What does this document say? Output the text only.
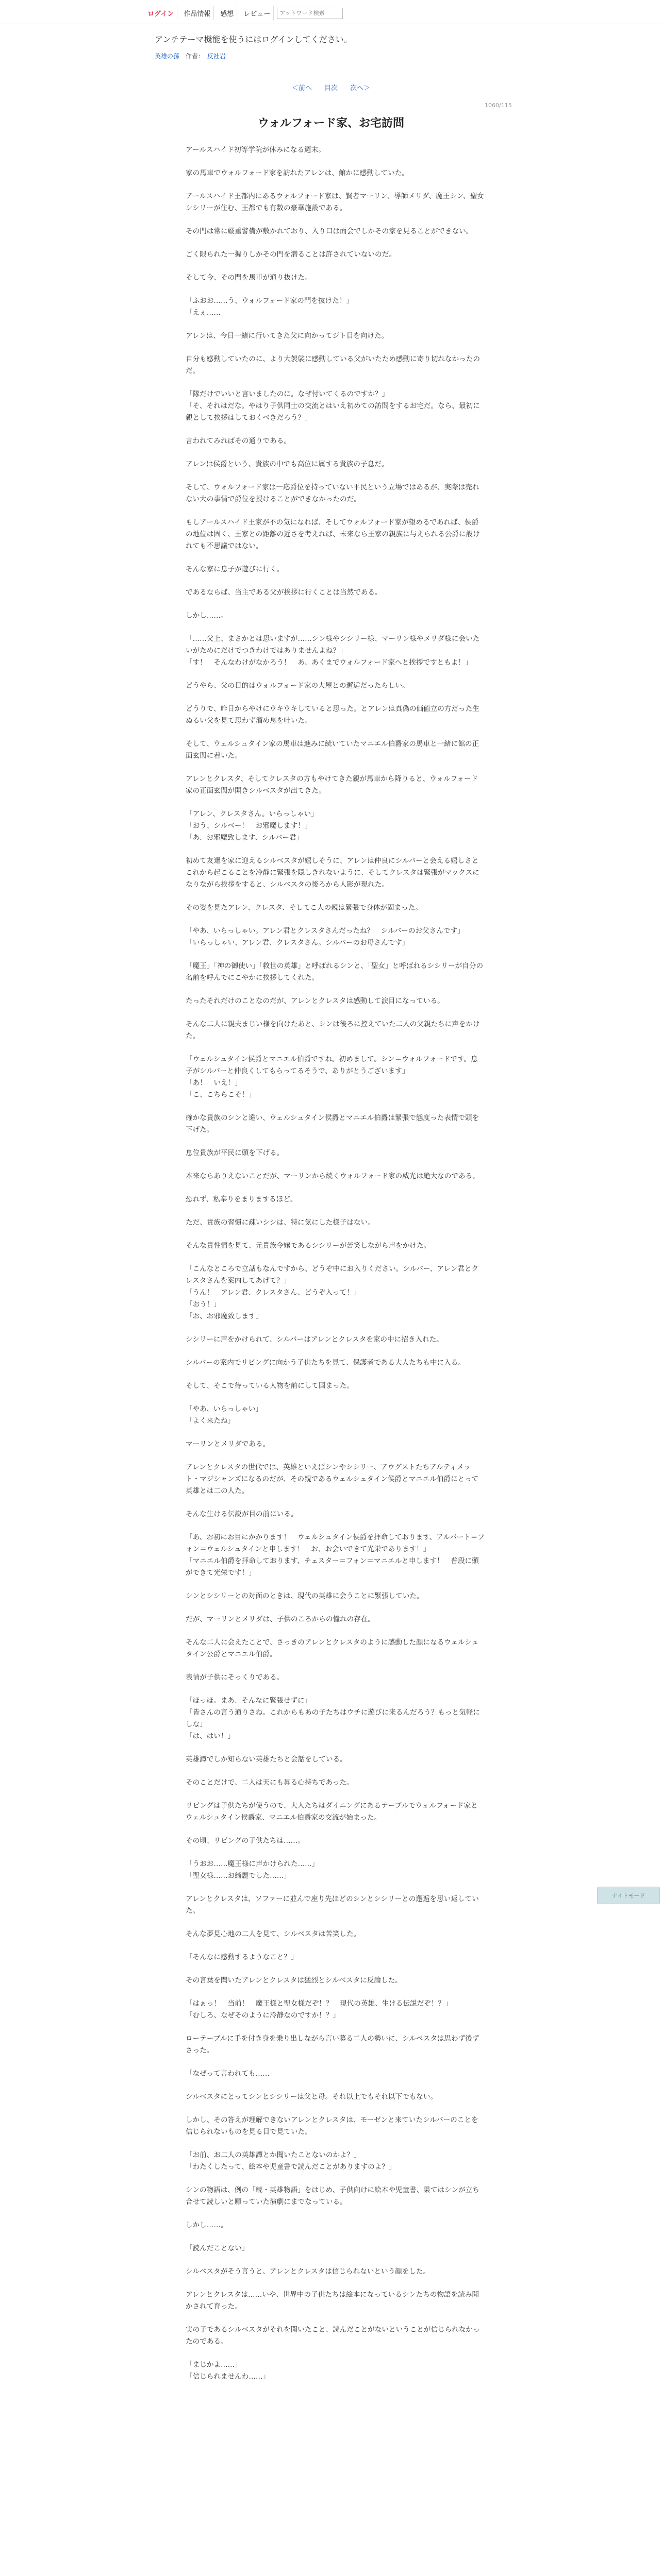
ログイン	作品情報	感想	レビュー
アットワード検索
アンチテーマ機能を使うにはログインしてください。
英雄の孫 作者： 反社岩
＜前へ 目次 次へ＞
1060/115
ウォルフォード家、お宅訪問

アールスハイド初等学院が休みになる週末。

家の馬車でウォルフォード家を訪れたアレンは、館かに感動していた。

アールスハイド王都内にあるウォルフォード家は、賢者マーリン、導師メリダ、魔王シン、聖女シシリーが住む、王都でも有数の豪華施設である。

その門は常に厳重警備が敷かれており、入り口は面会でしかその家を見ることができない。

ごく限られた一握りしかその門を潜ることは許されていないのだ。

そして今、その門を馬車が通り抜けた。

「ふおお……う、ウォルフォード家の門を抜けた！」
「えぇ……」

アレンは、今日一緒に行いてきた父に向かってジト目を向けた。

自分も感動していたのに、より大袈裟に感動している父がいたため感動に寄り切れなかったのだ。

「隊だけでいいと言いましたのに。なぜ付いてくるのですか？」
「そ、それはだな。やはり子供同士の交流とはいえ初めての訪問をするお宅だ。なら、最初に親として挨拶はしておくべきだろう？」

言われてみればその通りである。

アレンは侯爵という、貴族の中でも高位に属する貴族の子息だ。

そして、ウォルフォード家は一応爵位を持っていない平民という立場ではあるが、実際は売れない大の事情で爵位を授けることができなかったのだ。

もしアールスハイド王家が不の気になれば、そしてウォルフォード家が望めるであれば、侯爵の地位は固く、王家との距離の近さを考えれば、未来なら王家の親族に与えられる公爵に設けれても不思議ではない。

そんな家に息子が遊びに行く。

であるならば、当主である父が挨拶に行くことは当然である。

しかし……。

「……父上、まさかとは思いますが……シン様やシシリー様、マーリン様やメリダ様に会いたいがためにだけでつきわけではありませんよね？」
「す！　そんなわけがなかろう！　あ、あくまでウォルフォード家へと挨拶ですともよ！」

どうやら、父の目的はウォルフォード家の大屋との邂逅だったらしい。

どうりで、昨日からやけにウキウキしていると思った。とアレンは真偽の価値立の方だった生ぬるい父を見て思わず溜め息を吐いた。

そして、ウェルシュタイン家の馬車は進みに続いていたマニエル伯爵家の馬車と一緒に館の正面玄関に着いた。

アレンとクレスタ、そしてクレスタの方もやけてきた親が馬車から降りると、ウォルフォード家の正面玄関が開きシルベスタが出てきた。

「アレン、クレスタさん。いらっしゃい」
「おう、シルベー！　お邪魔します！」
「あ、お邪魔致します、シルバー君」

初めて友達を家に迎えるシルベスタが嬉しそうに、アレンは仲良にシルバーと会える嬉しさとこれから起こることを冷静に緊張を隠しきれないように、そしてクレスタは緊張がマックスになりながら挨拶をすると、シルベスタの後ろから人影が現れた。

その姿を見たアレン、クレスタ、そしてこ人の親は緊張で身体が固まった。

「やあ、いらっしゃい。アレン君とクレスタさんだったね？　シルバーのお父さんです」
「いらっしゃい、アレン君、クレスタさん。シルバーのお母さんです」

「魔王」「神の御使い」「救世の英雄」と呼ばれるシンと、「聖女」と呼ばれるシシリーが自分の名前を呼んでにこやかに挨拶してくれた。

たったそれだけのことなのだが、アレンとクレスタは感動して涙目になっている。

そんな二人に親夫まじい様を向けたあと、シンは後ろに控えていた二人の父親たちに声をかけた。

「ウェルシュタイン侯爵とマニエル伯爵ですね。初めまして。シン＝ウォルフォードです。息子がシルバーと仲良くしてもらってるそうで、ありがとうございます」
「あ！　いえ！」
「こ、こちらこそ！」

確かな貴族のシンと違い、ウェルシュタイン侯爵とマニエル伯爵は緊張で態度った表情で頭を下げた。

息位貴族が平民に頭を下げる。

本来ならありえないことだが、マーリンから続くウォルフォード家の威光は絶大なのである。

恐れず、私奉りをまりまするほど。

ただ、貴族の習慣に疎いシシは、特に気にした様子はない。

そんな貴性情を見て、元貴族令嬢であるシシリーが苦笑しながら声をかけた。

「こんなところで立話もなんですから、どうぞ中にお入りください。シルバー、アレン君とクレスタさんを案内してあげて？」
「うん！　アレン君、クレスタさん、どうぞ入って！」
「おう！」
「お、お邪魔致します」

シシリーに声をかけられて、シルバーはアレンとクレスタを家の中に招き入れた。

シルバーの案内でリビングに向かう子供たちを見て、保護者である大人たちも中に入る。

そして、そこで待っている人物を前にして固まった。

「やあ、いらっしゃい」
「よく来たね」

マーリンとメリダである。

アレンとクレスタの世代では、英雄といえばシンやシシリー、アウグストたちアルティメット・マジシャンズになるのだが、その親であるウェルシュタイン侯爵とマニエル伯爵にとって英雄とは二の人た。

そんな生ける伝説が目の前にいる。

「あ、お初にお目にかかります！　ウェルシュタイン侯爵を拝命しております、アルバート＝フォン＝ウェルシュタインと申します！　お、お会いできて光栄であります！」
「マニエル伯爵を拝命しております、チェスター＝フォン＝マニエルと申します！　普段に頭ができて光栄です！」

シンとシシリーとの対面のときは、現代の英雄に会うことに緊張していた。

だが、マーリンとメリダは、子供のころからの憧れの存在。

そんな二人に会えたことで、さっきのアレンとクレスタのように感動した顔になるウェルシュタイン公爵とマニエル伯爵。

表情が子供にそっくりである。

「ほっほ。まあ、そんなに緊張せずに」
「皆さんの言う通りさね。これからもあの子たちはウチに遊びに来るんだろう？もっと気軽にしな」
「は、はい！」

英雄譚でしか知らない英雄たちと会話をしている。

そのことだけで、二人は天にも昇る心持ちであった。

リビングは子供たちが使うので、大人たちはダイニングにあるテーブルでウォルフォード家とウェルシュタイン侯爵家、マニエル伯爵家の交流が始まった。

その頃、リビングの子供たちは……。

「うおお……魔王様に声かけられた……」
「聖女様……お綺麗でした……」

アレンとクレスタは、ソファーに並んで座り先ほどのシンとシシリーとの邂逅を思い返していた。

そんな夢見心地の二人を見て、シルベスタは苦笑した。

「そんなに感動するようなこと？」

その言葉を聞いたアレンとクレスタは猛烈とシルベスタに反論した。

「はぁっ！　当前！　魔王様と聖女様だぞ！？　現代の英雄、生ける伝説だぞ！？」
「むしろ、なぜそのように冷静なのですか！？」

ローテーブルに手を付き身を乗り出しながら言い募る二人の勢いに、シルベスタは思わず後ずさった。

「なぜって言われても……」

シルベスタにとってシンとシシリーは父と母。それ以上でもそれ以下でもない。

しかし、その答えが理解できないアレンとクレスタは、モーゼンと来ていたシルバーのことを信じられないものを見る目で見ていた。

「お前、お二人の英雄譚とか聞いたことないのかよ？」
「わたくしたって、絵本や児童書で読んだことがありますのよ？」

シンの物語は、例の「続・英雄物語」をはじめ、子供向けに絵本や児童書、果てはシンが立ち合せて読しいと願っていた演劇にまでなっている。

しかし……。

「読んだことない」

シルベスタがそう言うと、アレンとクレスタは信じられないという顔をした。

アレンとクレスタは……いや、世界中の子供たちは絵本になっているシンたちの物語を読み聞かされて育った。

実の子であるシルベスタがそれを聞いたこと、読んだことがないということが信じられなかったのである。

「まじかよ……」
「信じられませんわ……」

ナイトモード
